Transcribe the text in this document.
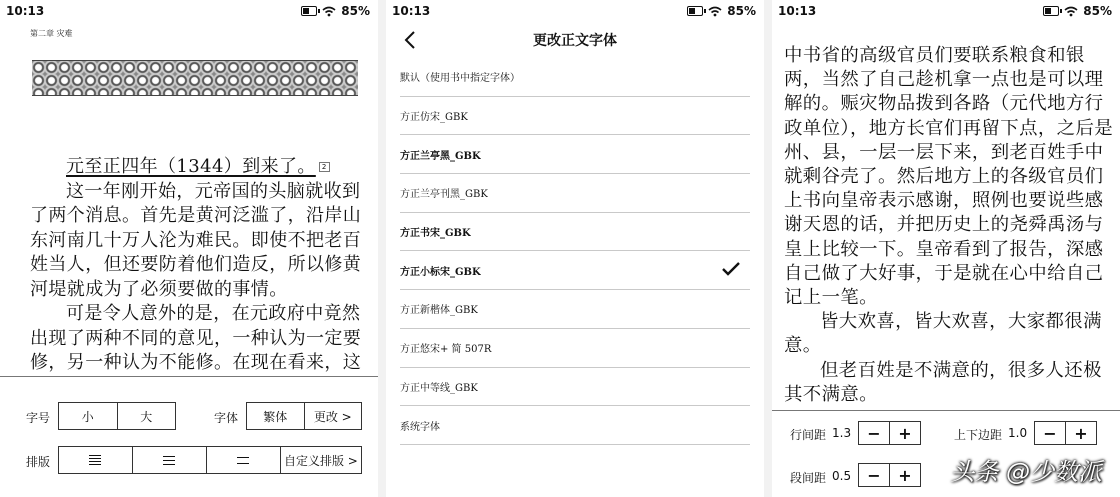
10:13	85%
第二章 灾难

元至正四年（1344）到来了。 2

这一年刚开始，元帝国的头脑就收到了两个消息。首先是黄河泛滥了，沿岸山东河南几十万人沦为难民。即使不把老百姓当人，但还要防着他们造反，所以修黄河堤就成为了必须要做的事情。

可是令人意外的是，在元政府中竟然出现了两种不同的意见，一种认为一定要修，另一种认为不能修。在现在看来，这

字号	小	大	字体	繁体	更改 >
排版	自定义排版 >
10:13	85%
更改正文字体
默认（使用书中指定字体）
方正仿宋_GBK
方正兰亭黑_GBK
方正兰亭刊黑_GBK
方正书宋_GBK
方正小标宋_GBK
方正新楷体_GBK
方正悠宋+ 简 507R
方正中等线_GBK
系统字体
10:13	85%

中书省的高级官员们要联系粮食和银两，当然了自己趁机拿一点也是可以理解的。赈灾物品拨到各路（元代地方行政单位），地方长官们再留下点，之后是州、县，一层一层下来，到老百姓手中就剩谷壳了。然后地方上的各级官员们上书向皇帝表示感谢，照例也要说些感谢天恩的话，并把历史上的尧舜禹汤与皇上比较一下。皇帝看到了报告，深感自己做了大好事，于是就在心中给自己记上一笔。

皆大欢喜，皆大欢喜，大家都很满意。

但老百姓是不满意的，很多人还极其不满意。

行间距 1.3	−	+	上下边距 1.0	−	+
段间距 0.5	−	+	头条 @少数派
